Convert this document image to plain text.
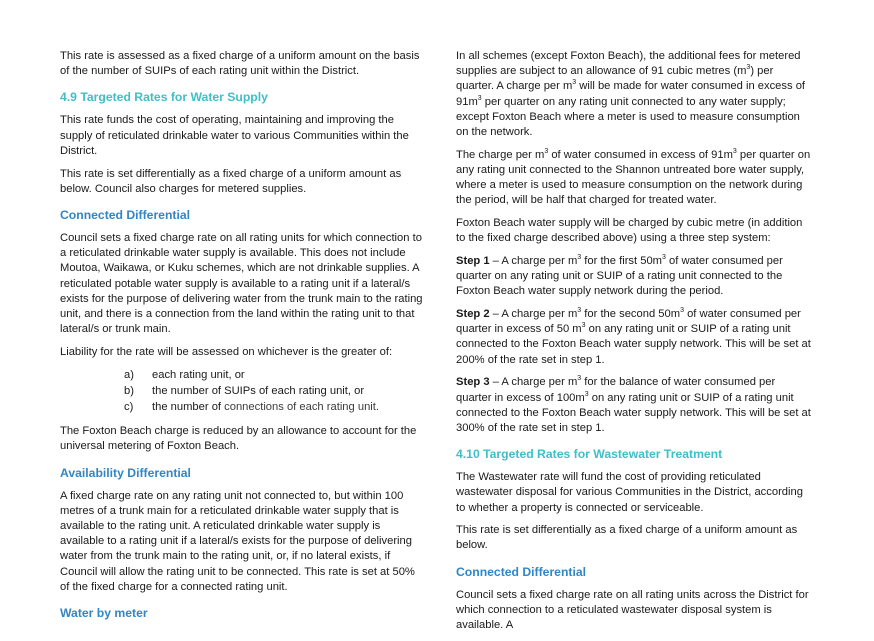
This rate is assessed as a fixed charge of a uniform amount on the basis of the number of SUIPs of each rating unit within the District.

4.9 Targeted Rates for Water Supply

This rate funds the cost of operating, maintaining and improving the supply of reticulated drinkable water to various Communities within the District.

This rate is set differentially as a fixed charge of a uniform amount as below. Council also charges for metered supplies.

Connected Differential

Council sets a fixed charge rate on all rating units for which connection to a reticulated drinkable water supply is available. This does not include Moutoa, Waikawa, or Kuku schemes, which are not drinkable supplies. A reticulated potable water supply is available to a rating unit if a lateral/s exists for the purpose of delivering water from the trunk main to the rating unit, and there is a connection from the land within the rating unit to that lateral/s or trunk main.

Liability for the rate will be assessed on whichever is the greater of:

a)	each rating unit, or
b)	the number of SUIPs of each rating unit, or
c)	the number of connections of each rating unit.

The Foxton Beach charge is reduced by an allowance to account for the universal metering of Foxton Beach.

Availability Differential

A fixed charge rate on any rating unit not connected to, but within 100 metres of a trunk main for a reticulated drinkable water supply that is available to the rating unit. A reticulated drinkable water supply is available to a rating unit if a lateral/s exists for the purpose of delivering water from the trunk main to the rating unit, or, if no lateral exists, if Council will allow the rating unit to be connected. This rate is set at 50% of the fixed charge for a connected rating unit.

Water by meter

In all schemes (except Foxton Beach), the additional fees for metered supplies are subject to an allowance of 91 cubic metres $(m^3)$ per quarter. A charge per $m^3$ will be made for water consumed in excess of $91m^3$ per quarter on any rating unit connected to any water supply; except Foxton Beach where a meter is used to measure consumption on the network.

The charge per $m^3$ of water consumed in excess of $91m^3$ per quarter on any rating unit connected to the Shannon untreated bore water supply, where a meter is used to measure consumption on the network during the period, will be half that charged for treated water.

Foxton Beach water supply will be charged by cubic metre (in addition to the fixed charge described above) using a three step system:

Step 1 – A charge per $m^3$ for the first $50m^3$ of water consumed per quarter on any rating unit or SUIP of a rating unit connected to the Foxton Beach water supply network during the period.

Step 2 – A charge per $m^3$ for the second $50m^3$ of water consumed per quarter in excess of 50 $m^3$ on any rating unit or SUIP of a rating unit connected to the Foxton Beach water supply network. This will be set at 200% of the rate set in step 1.

Step 3 – A charge per $m^3$ for the balance of water consumed per quarter in excess of $100m^3$ on any rating unit or SUIP of a rating unit connected to the Foxton Beach water supply network. This will be set at 300% of the rate set in step 1.

4.10 Targeted Rates for Wastewater Treatment

The Wastewater rate will fund the cost of providing reticulated wastewater disposal for various Communities in the District, according to whether a property is connected or serviceable.

This rate is set differentially as a fixed charge of a uniform amount as below.

Connected Differential

Council sets a fixed charge rate on all rating units across the District for which connection to a reticulated wastewater disposal system is available. A
